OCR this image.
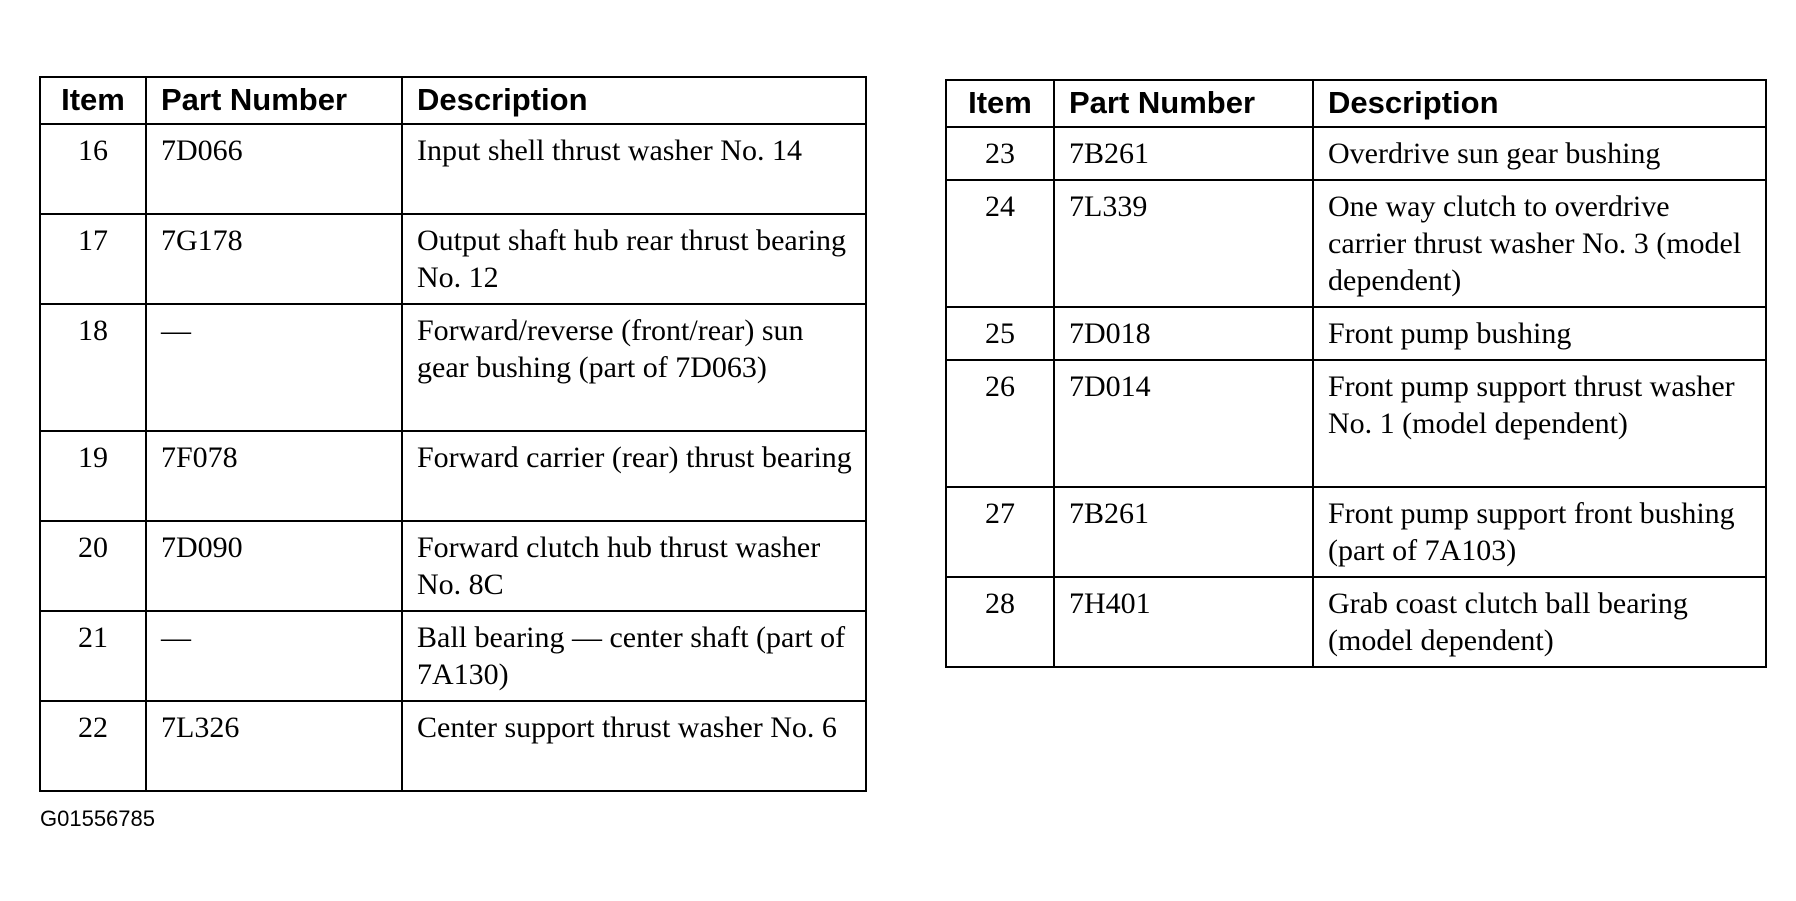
Item	Part Number	Description
16	7D066	Input shell thrust washer No. 14
17	7G178	Output shaft hub rear thrust bearing No. 12
18	—	Forward/reverse (front/rear) sun gear bushing (part of 7D063)
19	7F078	Forward carrier (rear) thrust bearing
20	7D090	Forward clutch hub thrust washer No. 8C
21	—	Ball bearing — center shaft (part of 7A130)
22	7L326	Center support thrust washer No. 6
Item	Part Number	Description
23	7B261	Overdrive sun gear bushing
24	7L339	One way clutch to overdrive carrier thrust washer No. 3 (model dependent)
25	7D018	Front pump bushing
26	7D014	Front pump support thrust washer No. 1 (model dependent)
27	7B261	Front pump support front bushing (part of 7A103)
28	7H401	Grab coast clutch ball bearing (model dependent)
G01556785
